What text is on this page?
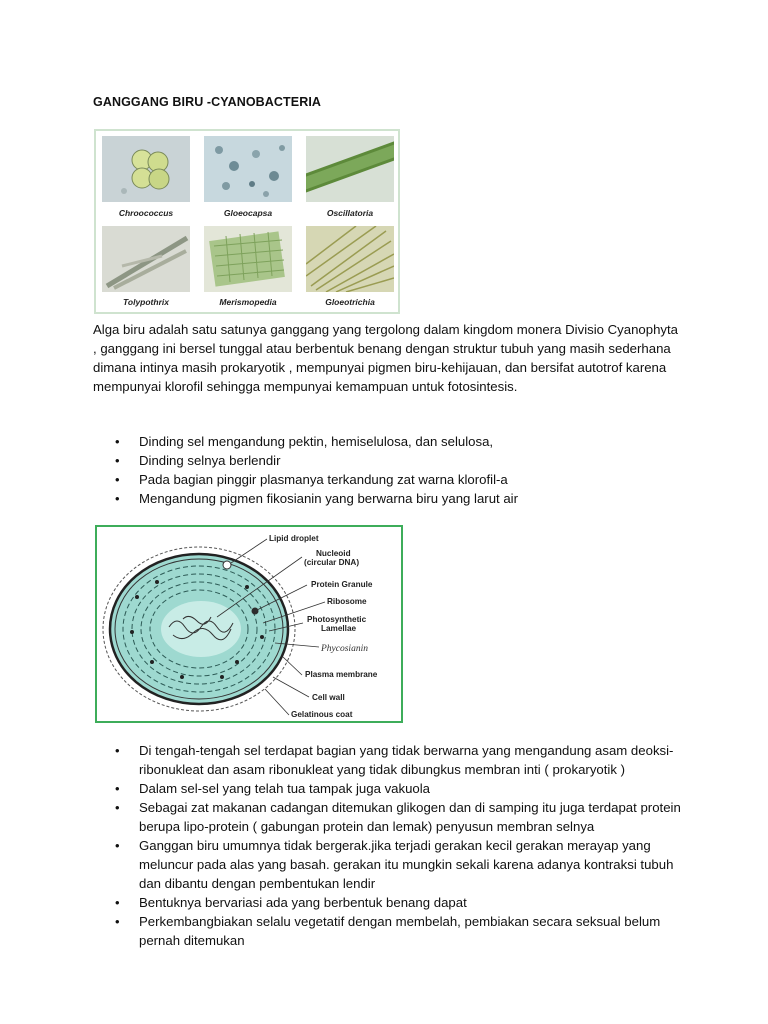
GANGGANG BIRU -CYANOBACTERIA
Chroococcus	Gloeocapsa	Oscillatoria
Tolypothrix	Merismopedia	Gloeotrichia

Alga biru adalah satu satunya ganggang yang tergolong dalam kingdom monera Divisio Cyanophyta , ganggang ini bersel tunggal atau berbentuk benang dengan struktur tubuh yang masih sederhana dimana intinya masih prokaryotik , mempunyai pigmen biru-kehijauan, dan bersifat autotrof karena mempunyai klorofil sehingga mempunyai kemampuan untuk fotosintesis.

• Dinding sel mengandung pektin, hemiselulosa, dan selulosa,
• Dinding selnya berlendir
• Pada bagian pinggir plasmanya terkandung zat warna klorofil-a
• Mengandung pigmen fikosianin yang berwarna biru yang larut air
Lipid droplet
Nucleoid
(circular DNA)
Protein Granule
Ribosome
Photosynthetic
Lamellae
Phycosianin
Plasma membrane
Cell wall
Gelatinous coat
• Di tengah-tengah sel terdapat bagian yang tidak berwarna yang mengandung asam deoksi-ribonukleat dan asam ribonukleat yang tidak dibungkus membran inti ( prokaryotik )
• Dalam sel-sel yang telah tua tampak juga vakuola
• Sebagai zat makanan cadangan ditemukan glikogen dan di samping itu juga terdapat protein berupa lipo-protein ( gabungan protein dan lemak) penyusun membran selnya
• Ganggan biru umumnya tidak bergerak.jika terjadi gerakan kecil gerakan merayap yang meluncur pada alas yang basah. gerakan itu mungkin sekali karena adanya kontraksi tubuh dan dibantu dengan pembentukan lendir
• Bentuknya bervariasi ada yang berbentuk benang dapat
• Perkembangbiakan selalu vegetatif dengan membelah, pembiakan secara seksual belum pernah ditemukan
